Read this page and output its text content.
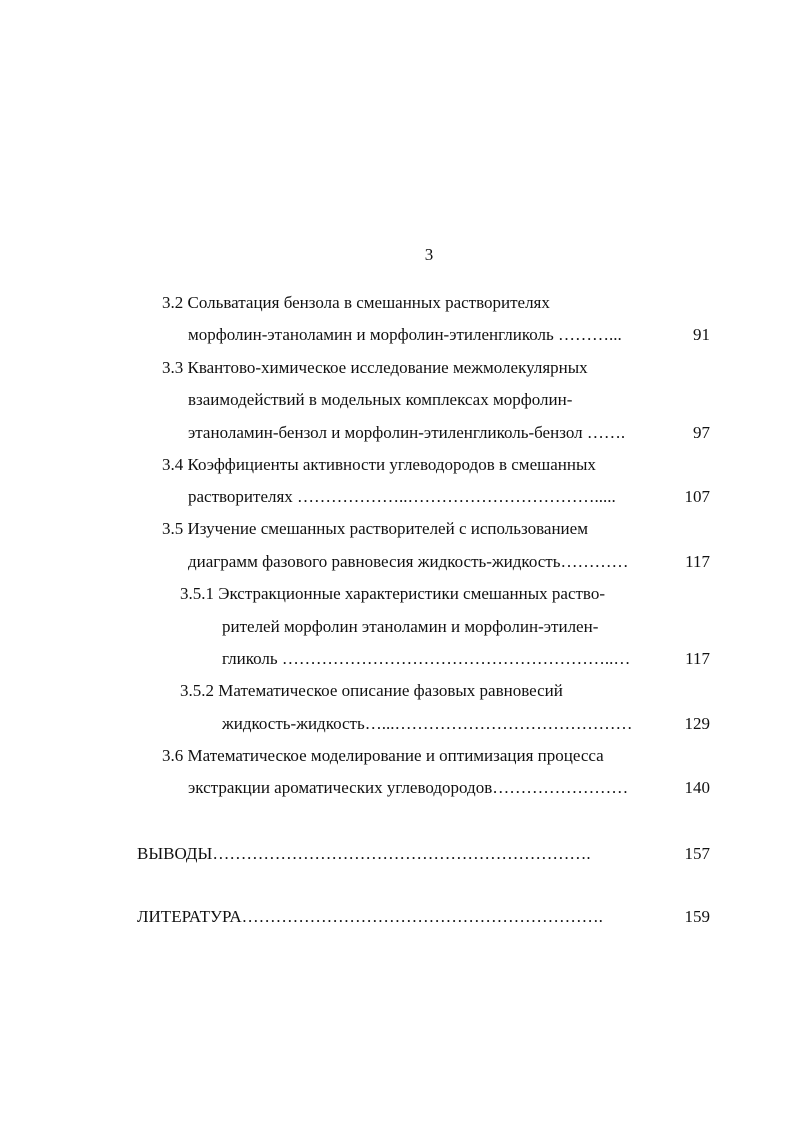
3
3.2 Сольватация бензола в смешанных растворителях
морфолин-этаноламин и морфолин-этиленгликоль ………...	91
3.3 Квантово-химическое исследование межмолекулярных
взаимодействий в модельных комплексах морфолин-
этаноламин-бензол и морфолин-этиленгликоль-бензол …….	97
3.4 Коэффициенты активности углеводородов в смешанных
растворителях ………………..…………………………….....	107
3.5 Изучение смешанных растворителей с использованием
диаграмм фазового равновесия жидкость-жидкость…………	117
3.5.1 Экстракционные характеристики смешанных раство-
рителей морфолин этаноламин и морфолин-этилен-
гликоль …………………………………………………..…	117
3.5.2 Математическое описание фазовых равновесий
жидкость-жидкость…...……………………………………	129
3.6 Математическое моделирование и оптимизация процесса
экстракции ароматических углеводородов……………………	140
ВЫВОДЫ………………………………………………………….	157
ЛИТЕРАТУРА……………………………………………………….	159
